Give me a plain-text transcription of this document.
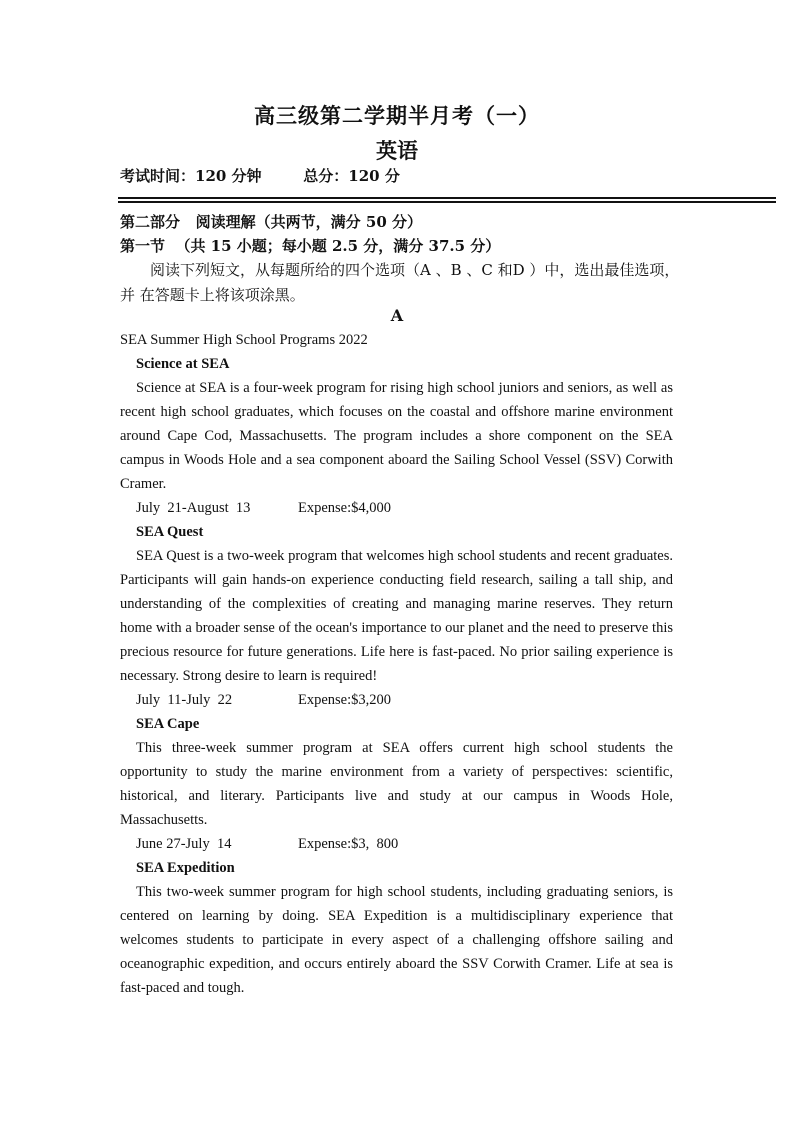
高三级第二学期半月考（一）
英语
考试时间：120 分钟        总分：120 分
第二部分   阅读理解（共两节，满分 50 分）
第一节  （共 15 小题；每小题 2.5 分，满分 37.5 分）
阅读下列短文，从每题所给的四个选项（A 、B 、C 和D ）中，选出最佳选项，并 在答题卡上将该项涂黑。
A
SEA Summer High School Programs 2022
Science at SEA

Science at SEA is a four-week program for rising high school juniors and seniors, as well as recent high school graduates, which focuses on the coastal and offshore marine environment around Cape Cod, Massachusetts. The program includes a shore component on the SEA campus in Woods Hole and a sea component aboard the Sailing School Vessel (SSV) Corwith Cramer.

July  21-August  13	Expense:$4,000
SEA Quest

SEA Quest is a two-week program that welcomes high school students and recent graduates. Participants will gain hands-on experience conducting field research, sailing a tall ship, and understanding of the complexities of creating and managing marine reserves. They return home with a broader sense of the ocean's importance to our planet and the need to preserve this precious resource for future generations. Life here is fast-paced. No prior sailing experience is necessary. Strong desire to learn is required!

July  11-July  22	Expense:$3,200
SEA Cape

This three-week summer program at SEA offers current high school students the opportunity to study the marine environment from a variety of perspectives: scientific, historical, and literary. Participants live and study at our campus in Woods Hole, Massachusetts.

June 27-July  14	Expense:$3,  800
SEA Expedition

This two-week summer program for high school students, including graduating seniors, is centered on learning by doing. SEA Expedition is a multidisciplinary experience that welcomes students to participate in every aspect of a challenging offshore sailing and oceanographic expedition, and occurs entirely aboard the SSV Corwith Cramer. Life at sea is fast-paced and tough.
